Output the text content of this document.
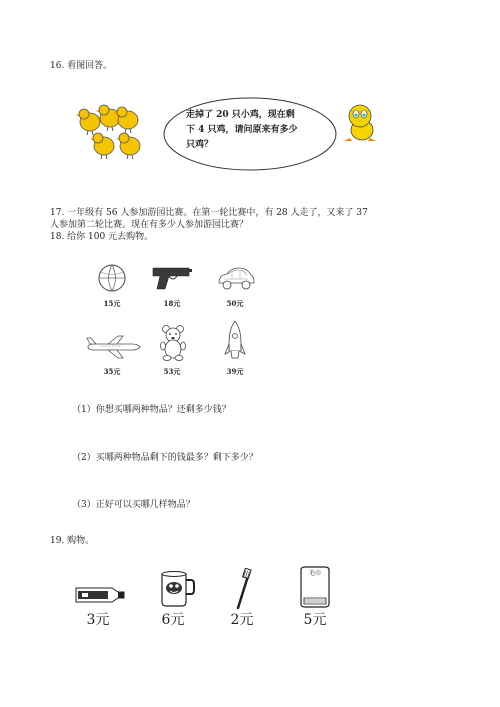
16. 看图回答。
走掉了 20 只小鸡，现在剩
下 4 只鸡，请问原来有多少
只鸡？
17. 一年级有 56 人参加游园比赛。在第一轮比赛中，有 28 人走了，又来了 37
人参加第二轮比赛。现在有多少人参加游园比赛？
18. 给你 100 元去购物。
15元	18元	50元
35元	53元	39元
（1）你想买哪两种物品？还剩多少钱？
（2）买哪两种物品剩下的钱最多？剩下多少？
（3）正好可以买哪几样物品？
19. 购物。
3元	6元	2元
毛巾
5元
